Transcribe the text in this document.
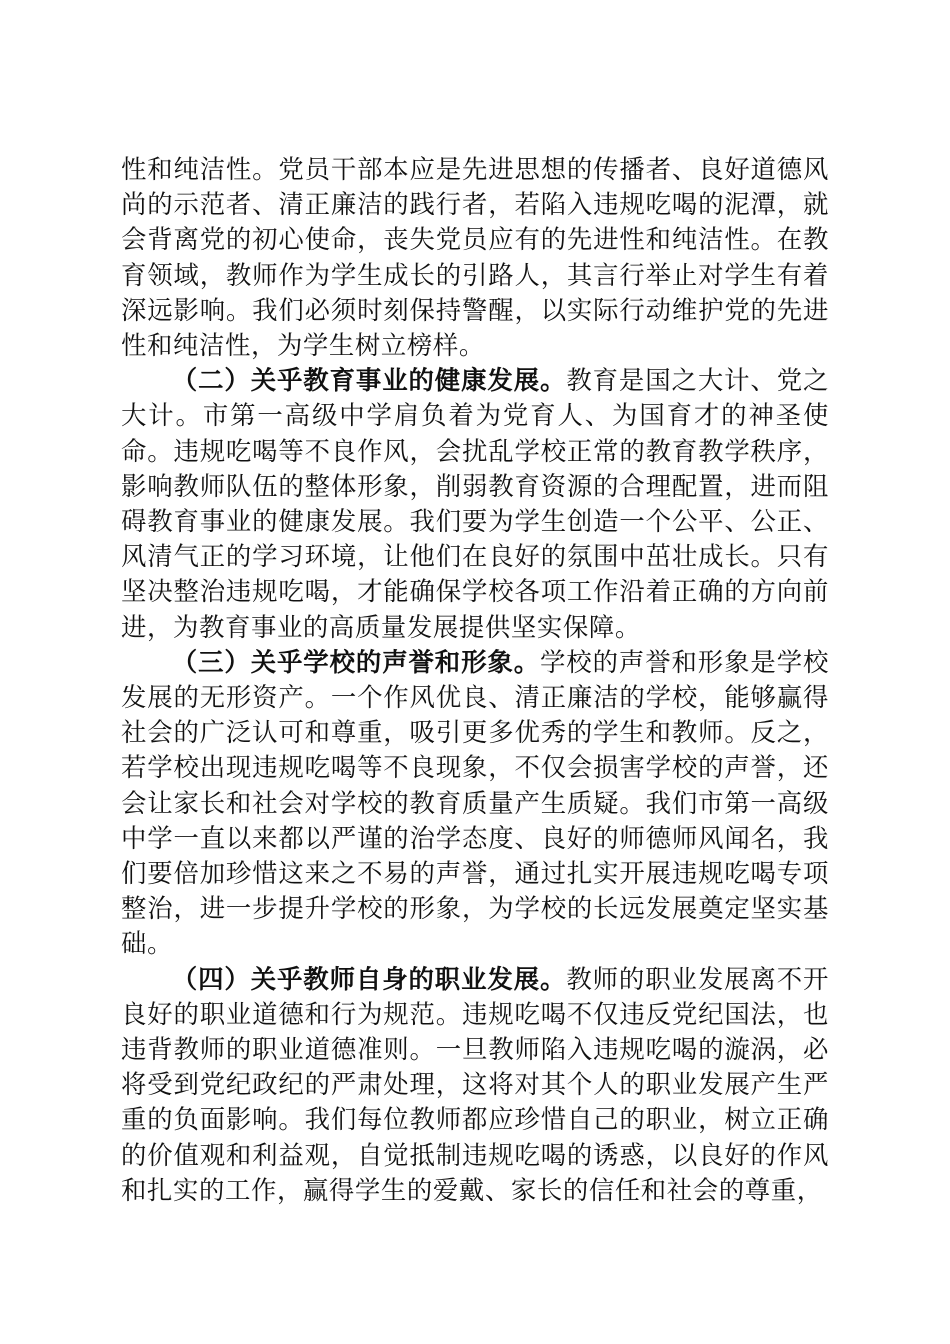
性和纯洁性。党员干部本应是先进思想的传播者、良好道德风尚的示范者、清正廉洁的践行者，若陷入违规吃喝的泥潭，就会背离党的初心使命，丧失党员应有的先进性和纯洁性。在教育领域，教师作为学生成长的引路人，其言行举止对学生有着深远影响。我们必须时刻保持警醒，以实际行动维护党的先进性和纯洁性，为学生树立榜样。

（二）关乎教育事业的健康发展。教育是国之大计、党之大计。市第一高级中学肩负着为党育人、为国育才的神圣使命。违规吃喝等不良作风，会扰乱学校正常的教育教学秩序，影响教师队伍的整体形象，削弱教育资源的合理配置，进而阻碍教育事业的健康发展。我们要为学生创造一个公平、公正、风清气正的学习环境，让他们在良好的氛围中茁壮成长。只有坚决整治违规吃喝，才能确保学校各项工作沿着正确的方向前进，为教育事业的高质量发展提供坚实保障。

（三）关乎学校的声誉和形象。学校的声誉和形象是学校发展的无形资产。一个作风优良、清正廉洁的学校，能够赢得社会的广泛认可和尊重，吸引更多优秀的学生和教师。反之，若学校出现违规吃喝等不良现象，不仅会损害学校的声誉，还会让家长和社会对学校的教育质量产生质疑。我们市第一高级中学一直以来都以严谨的治学态度、良好的师德师风闻名，我们要倍加珍惜这来之不易的声誉，通过扎实开展违规吃喝专项整治，进一步提升学校的形象，为学校的长远发展奠定坚实基础。

（四）关乎教师自身的职业发展。教师的职业发展离不开良好的职业道德和行为规范。违规吃喝不仅违反党纪国法，也违背教师的职业道德准则。一旦教师陷入违规吃喝的漩涡，必将受到党纪政纪的严肃处理，这将对其个人的职业发展产生严重的负面影响。我们每位教师都应珍惜自己的职业，树立正确的价值观和利益观，自觉抵制违规吃喝的诱惑，以良好的作风和扎实的工作，赢得学生的爱戴、家长的信任和社会的尊重，
